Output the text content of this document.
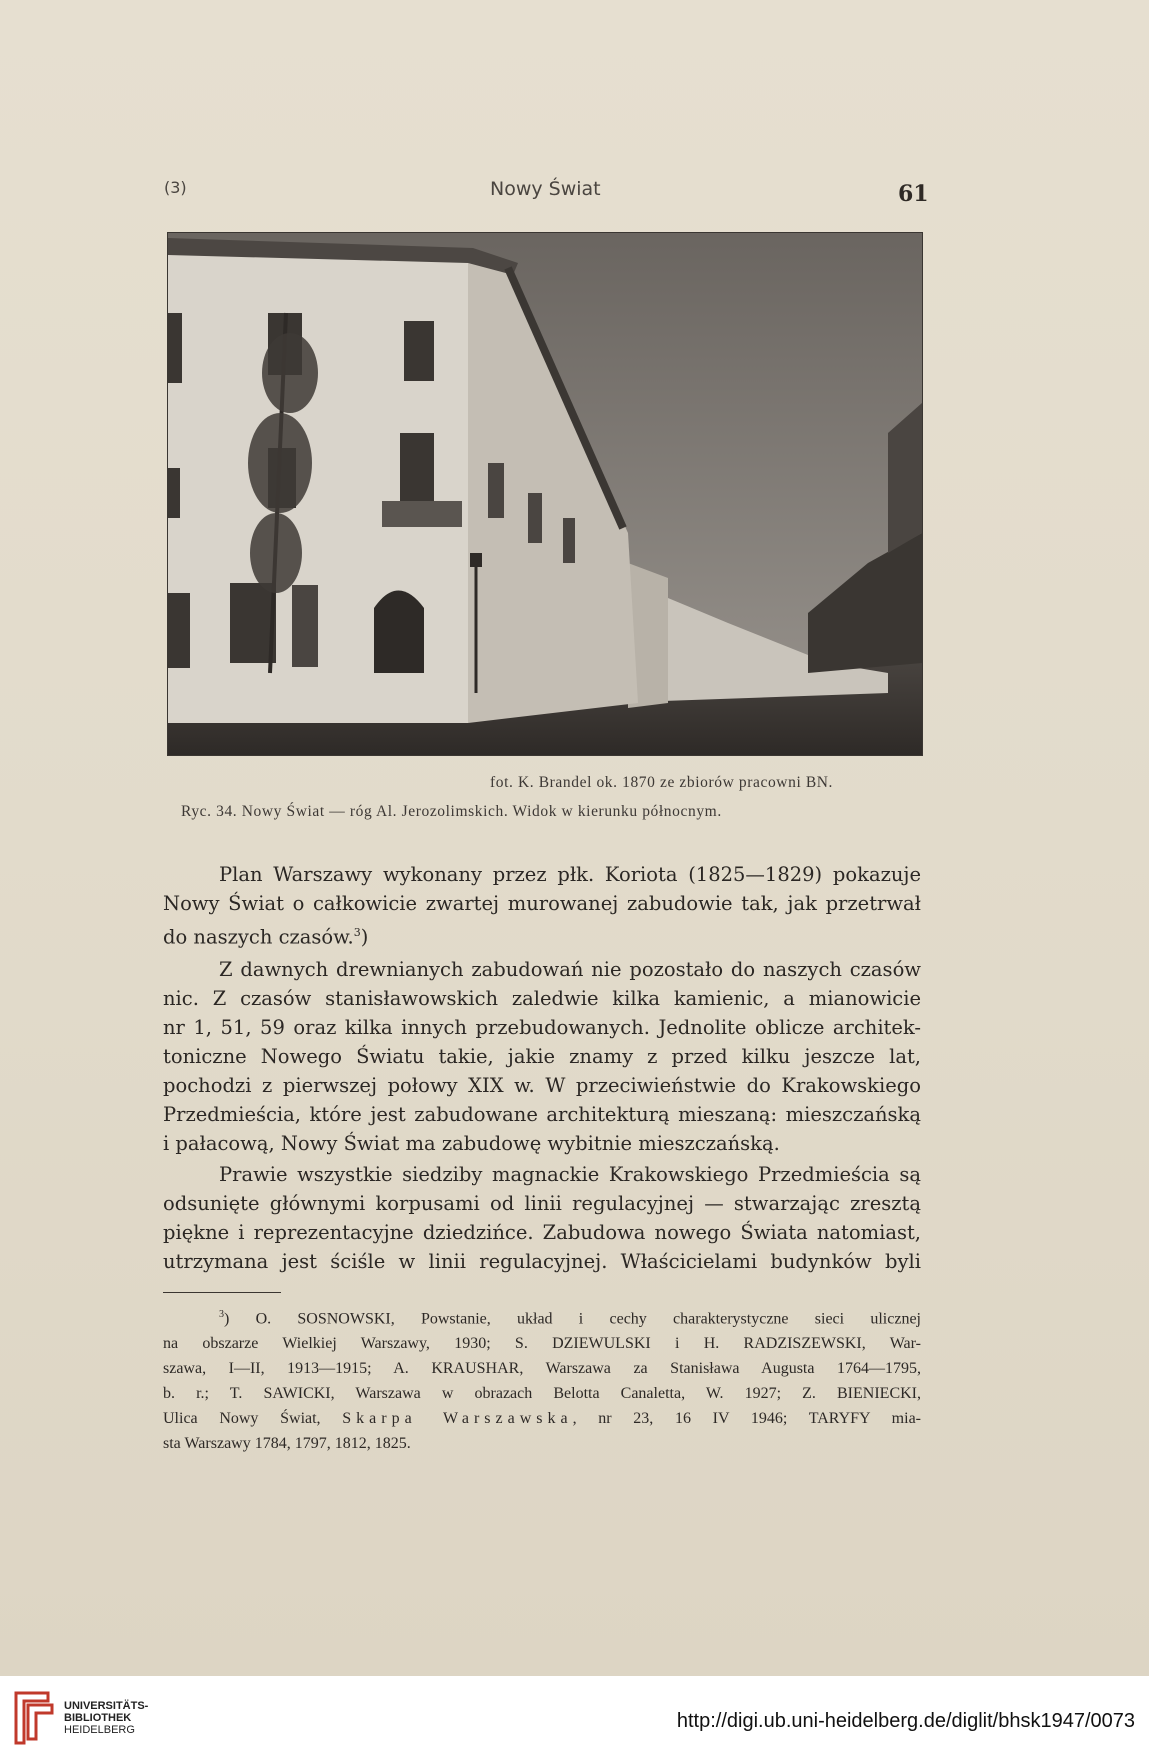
(3)	Nowy Świat	61
fot. K. Brandel ok. 1870 ze zbiorów pracowni BN.
Ryc. 34. Nowy Świat — róg Al. Jerozolimskich. Widok w kierunku północnym.

Plan Warszawy wykonany przez płk. Koriota (1825—1829) pokazuje
Nowy Świat o całkowicie zwartej murowanej zabudowie tak, jak przetrwał
do naszych czasów.$^3$)

Z dawnych drewnianych zabudowań nie pozostało do naszych czasów
nic. Z czasów stanisławowskich zaledwie kilka kamienic, a mianowicie
nr 1, 51, 59 oraz kilka innych przebudowanych. Jednolite oblicze architek-
toniczne Nowego Światu takie, jakie znamy z przed kilku jeszcze lat,
pochodzi z pierwszej połowy XIX w. W przeciwieństwie do Krakowskiego
Przedmieścia, które jest zabudowane architekturą mieszaną: mieszczańską
i pałacową, Nowy Świat ma zabudowę wybitnie mieszczańską.

Prawie wszystkie siedziby magnackie Krakowskiego Przedmieścia są
odsunięte głównymi korpusami od linii regulacyjnej — stwarzając zresztą
piękne i reprezentacyjne dziedzińce. Zabudowa nowego Świata natomiast,
utrzymana jest ściśle w linii regulacyjnej. Właścicielami budynków byli

$^3$) O. SOSNOWSKI, Powstanie, układ i cechy charakterystyczne sieci ulicznej
na obszarze Wielkiej Warszawy, 1930; S. DZIEWULSKI i H. RADZISZEWSKI, War-
szawa, I—II, 1913—1915; A. KRAUSHAR, Warszawa za Stanisława Augusta 1764—1795,
b. r.; T. SAWICKI, Warszawa w obrazach Belotta Canaletta, W. 1927; Z. BIENIECKI,
Ulica Nowy Świat, Skarpa Warszawska, nr 23, 16 IV 1946; TARYFY mia-
sta Warszawy 1784, 1797, 1812, 1825.

UNIVERSITÄTS-
BIBLIOTHEK
HEIDELBERG	http://digi.ub.uni-heidelberg.de/diglit/bhsk1947/0073
